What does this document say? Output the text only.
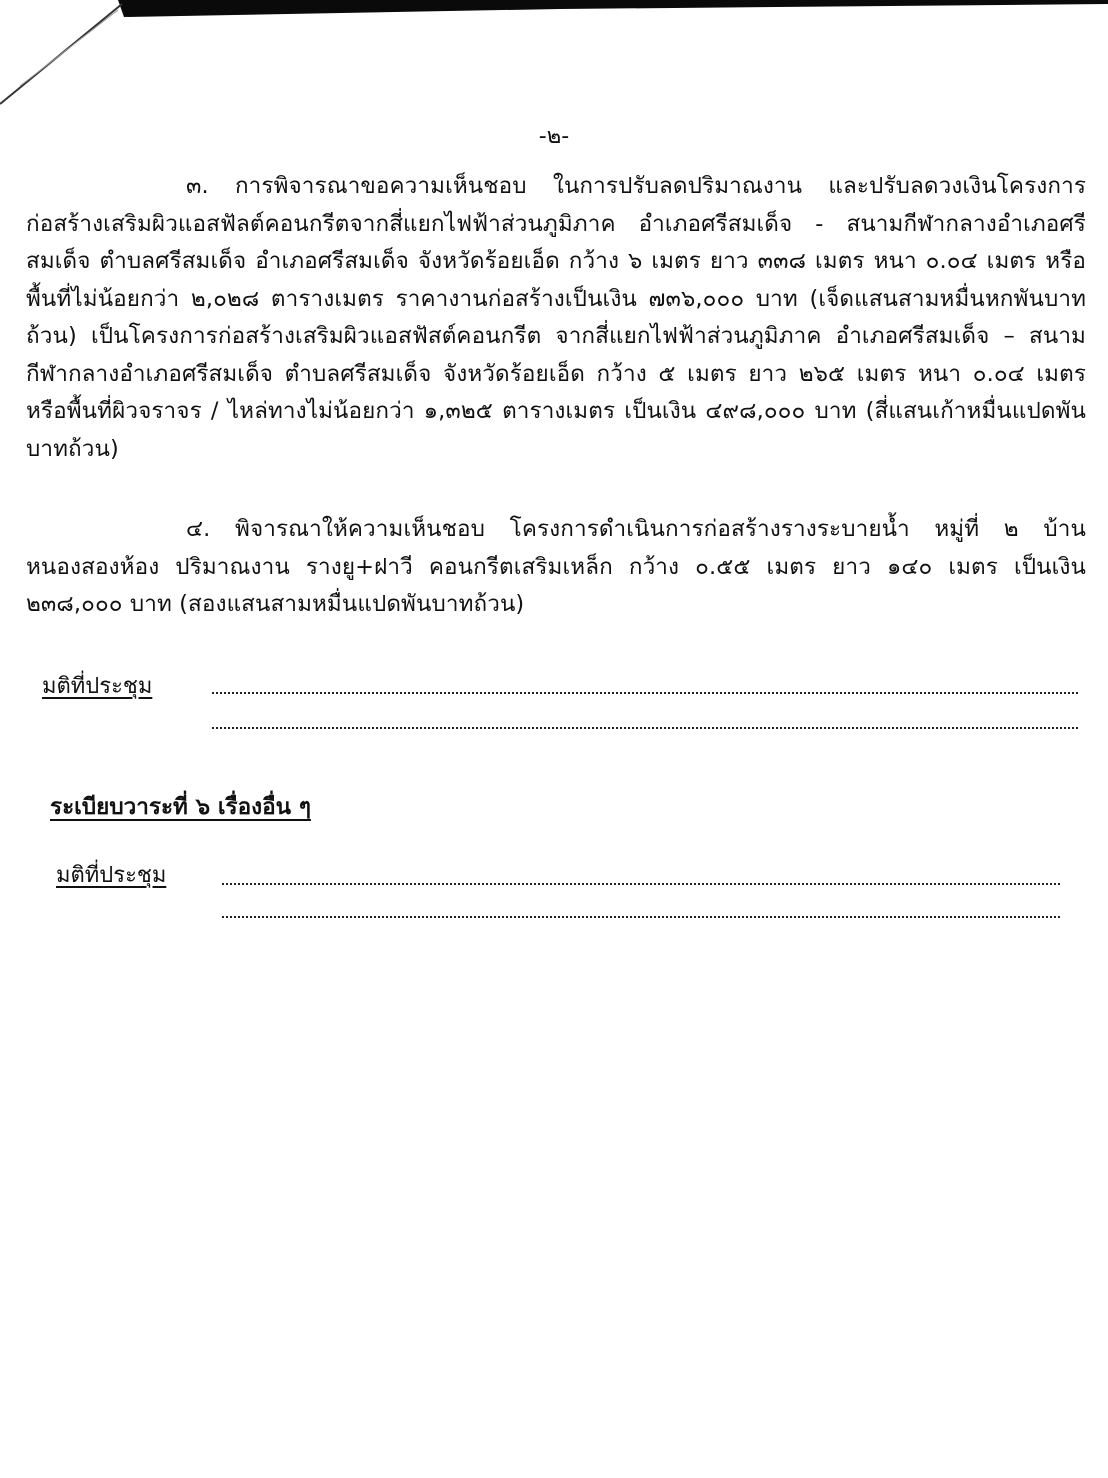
-๒-

๓. การพิจารณาขอความเห็นชอบ ในการปรับลดปริมาณงาน และปรับลดวงเงินโครงการก่อสร้างเสริมผิวแอสฟัลต์คอนกรีตจากสี่แยกไฟฟ้าส่วนภูมิภาค อำเภอศรีสมเด็จ - สนามกีฬากลางอำเภอศรีสมเด็จ ตำบลศรีสมเด็จ อำเภอศรีสมเด็จ จังหวัดร้อยเอ็ด กว้าง ๖ เมตร ยาว ๓๓๘ เมตร หนา ๐.๐๔ เมตร หรือพื้นที่ไม่น้อยกว่า ๒,๐๒๘ ตารางเมตร ราคางานก่อสร้างเป็นเงิน ๗๓๖,๐๐๐ บาท (เจ็ดแสนสามหมื่นหกพันบาทถ้วน) เป็นโครงการก่อสร้างเสริมผิวแอสฟัสต์คอนกรีต จากสี่แยกไฟฟ้าส่วนภูมิภาค อำเภอศรีสมเด็จ – สนามกีฬากลางอำเภอศรีสมเด็จ ตำบลศรีสมเด็จ จังหวัดร้อยเอ็ด กว้าง ๕ เมตร ยาว ๒๖๕ เมตร หนา ๐.๐๔ เมตร หรือพื้นที่ผิวจราจร / ไหล่ทางไม่น้อยกว่า ๑,๓๒๕ ตารางเมตร เป็นเงิน ๔๙๘,๐๐๐ บาท (สี่แสนเก้าหมื่นแปดพันบาทถ้วน)

๔. พิจารณาให้ความเห็นชอบ โครงการดำเนินการก่อสร้างรางระบายน้ำ หมู่ที่ ๒ บ้านหนองสองห้อง ปริมาณงาน รางยู+ฝาวี คอนกรีตเสริมเหล็ก กว้าง ๐.๕๕ เมตร ยาว ๑๔๐ เมตร เป็นเงิน ๒๓๘,๐๐๐ บาท (สองแสนสามหมื่นแปดพันบาทถ้วน)

มติที่ประชุม
ระเบียบวาระที่ ๖ เรื่องอื่น ๆ
มติที่ประชุม
